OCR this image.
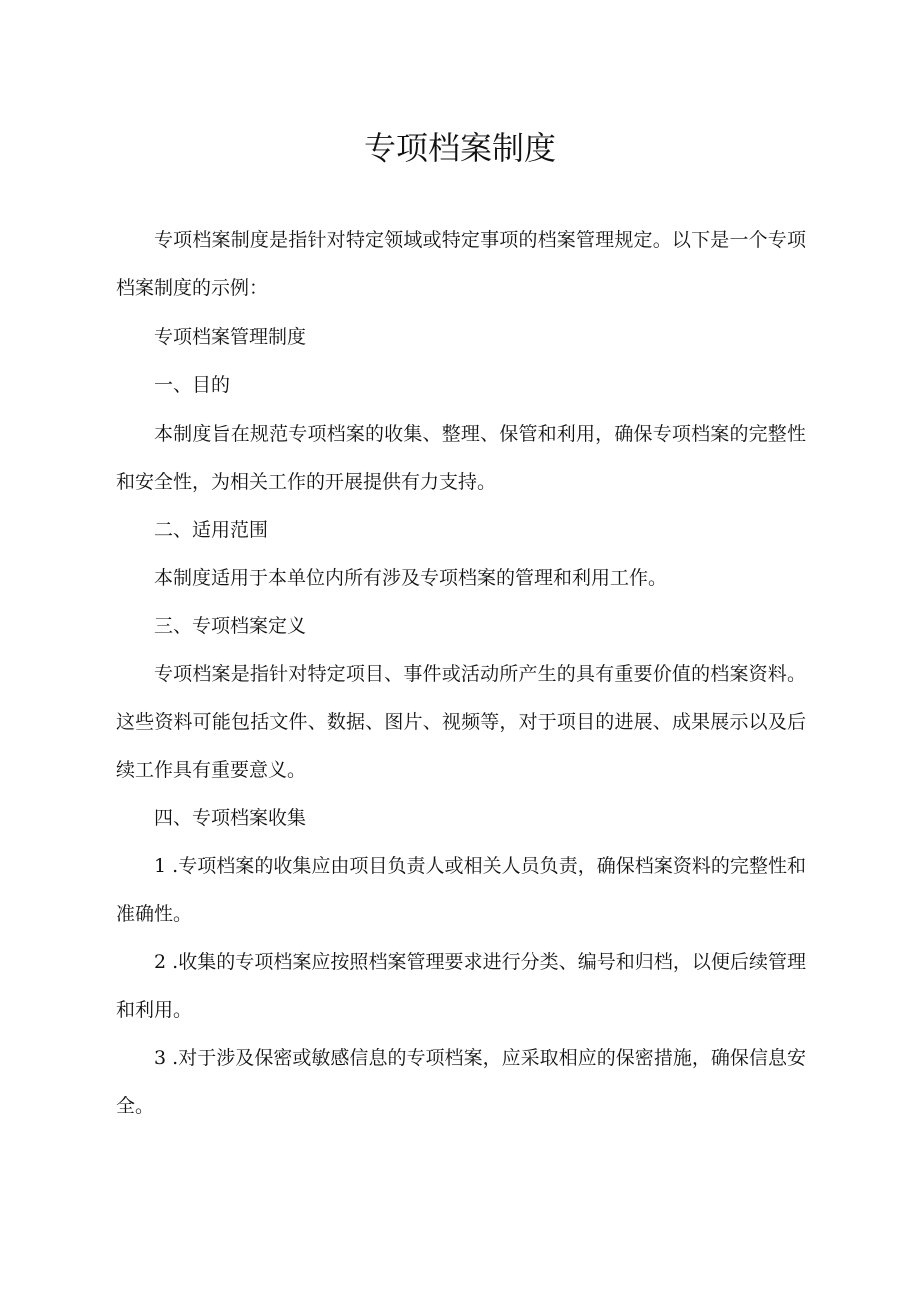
专项档案制度

专项档案制度是指针对特定领域或特定事项的档案管理规定。以下是一个专项档案制度的示例：

专项档案管理制度

一、目的

本制度旨在规范专项档案的收集、整理、保管和利用，确保专项档案的完整性和安全性，为相关工作的开展提供有力支持。

二、适用范围

本制度适用于本单位内所有涉及专项档案的管理和利用工作。

三、专项档案定义

专项档案是指针对特定项目、事件或活动所产生的具有重要价值的档案资料。这些资料可能包括文件、数据、图片、视频等，对于项目的进展、成果展示以及后续工作具有重要意义。

四、专项档案收集

1 .专项档案的收集应由项目负责人或相关人员负责，确保档案资料的完整性和准确性。

2 .收集的专项档案应按照档案管理要求进行分类、编号和归档，以便后续管理和利用。

3 .对于涉及保密或敏感信息的专项档案，应采取相应的保密措施，确保信息安全。
